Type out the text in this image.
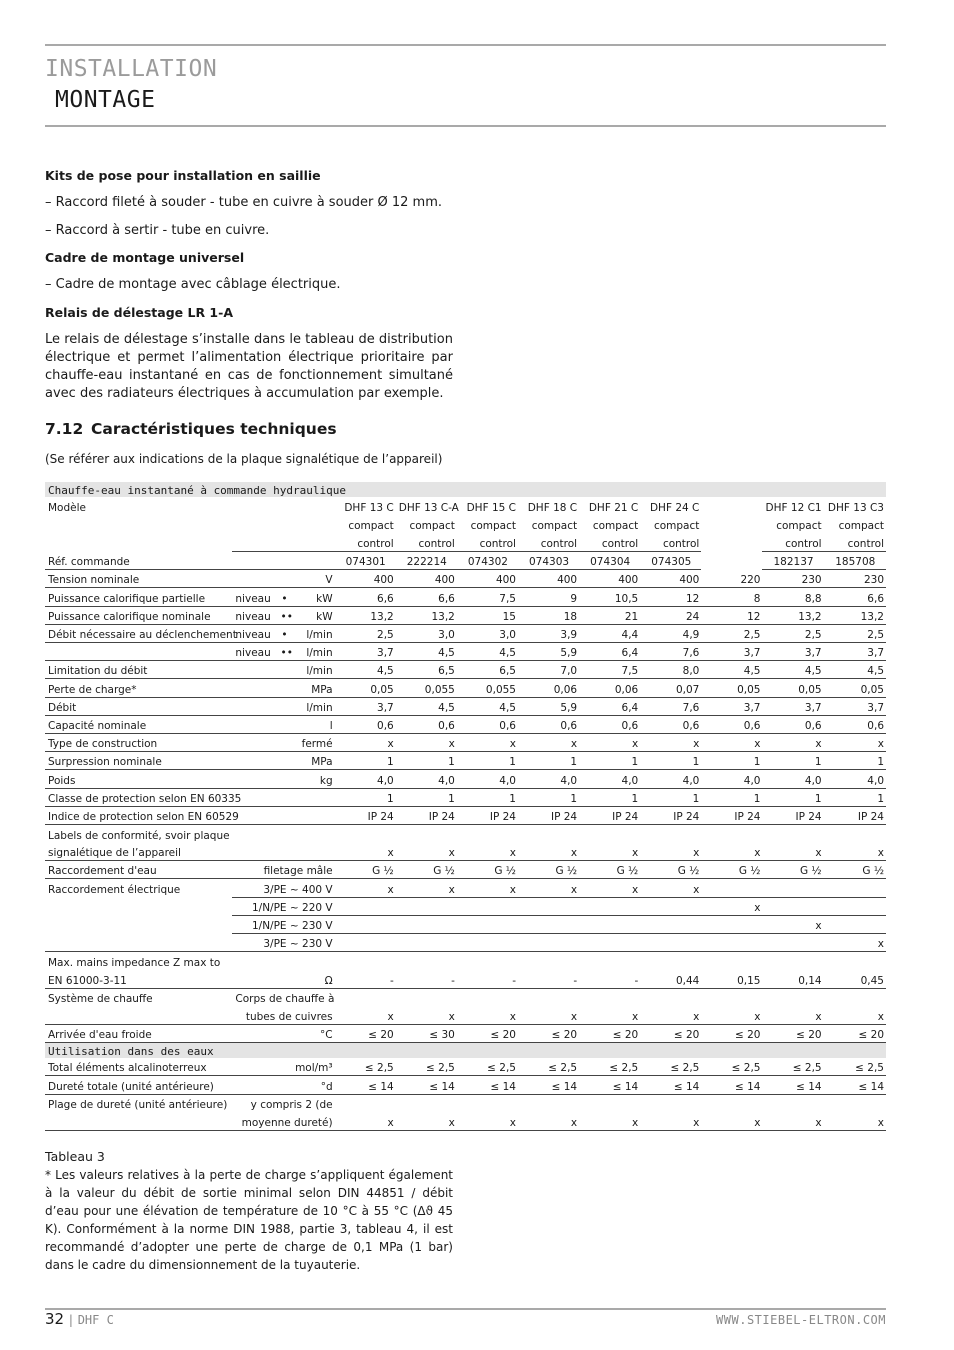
INSTALLATION
MONTAGE
Kits de pose pour installation en saillie
– Raccord fileté à souder - tube en cuivre à souder Ø 12 mm.
– Raccord à sertir - tube en cuivre.
Cadre de montage universel
– Cadre de montage avec câblage électrique.
Relais de délestage LR 1-A
Le relais de délestage s’installe dans le tableau de distribution électrique et permet l’alimentation électrique prioritaire par chauffe-eau instantané en cas de fonctionnement simultané avec des radiateurs électriques à accumulation par exemple.
7.12 Caractéristiques techniques
(Se référer aux indications de la plaque signalétique de l’appareil)
Chauffe-eau instantané à commande hydraulique												
Modèle				DHF 13 C	DHF 13 C-A	DHF 15 C	DHF 18 C	DHF 21 C	DHF 24 C		DHF 12 C1	DHF 13 C3
				compact	compact	compact	compact	compact	compact		compact	compact
				control	control	control	control	control	control		control	control
Réf. commande				074301	222214	074302	074303	074304	074305		182137	185708
Tension nominale			V	400	400	400	400	400	400	220	230	230
Puissance calorifique partielle	niveau	•	kW	6,6	6,6	7,5	9	10,5	12	8	8,8	6,6
Puissance calorifique nominale	niveau	••	kW	13,2	13,2	15	18	21	24	12	13,2	13,2
Débit nécessaire au déclenchement	niveau	•	l/min	2,5	3,0	3,0	3,9	4,4	4,9	2,5	2,5	2,5
	niveau	••	l/min	3,7	4,5	4,5	5,9	6,4	7,6	3,7	3,7	3,7
Limitation du débit			l/min	4,5	6,5	6,5	7,0	7,5	8,0	4,5	4,5	4,5
Perte de charge*			MPa	0,05	0,055	0,055	0,06	0,06	0,07	0,05	0,05	0,05
Débit			l/min	3,7	4,5	4,5	5,9	6,4	7,6	3,7	3,7	3,7
Capacité nominale			l	0,6	0,6	0,6	0,6	0,6	0,6	0,6	0,6	0,6
Type de construction			fermé	x	x	x	x	x	x	x	x	x
Surpression nominale			MPa	1	1	1	1	1	1	1	1	1
Poids			kg	4,0	4,0	4,0	4,0	4,0	4,0	4,0	4,0	4,0
Classe de protection selon EN 60335				1	1	1	1	1	1	1	1	1
Indice de protection selon EN 60529				IP 24	IP 24	IP 24	IP 24	IP 24	IP 24	IP 24	IP 24	IP 24
Labels de conformité, svoir plaque												
signalétique de l’appareil				x	x	x	x	x	x	x	x	x
Raccordement d'eau	filetage mâle			G ½	G ½	G ½	G ½	G ½	G ½	G ½	G ½	G ½
Raccordement électrique	3/PE ~ 400 V			x	x	x	x	x	x			
	1/N/PE ~ 220 V									x		
	1/N/PE ~ 230 V										x	
	3/PE ~ 230 V											x
Max. mains impedance Z max to												
EN 61000-3-11			Ω	-	-	-	-	-	0,44	0,15	0,14	0,45
Système de chauffe	Corps de chauffe à											
	tubes de cuivres			x	x	x	x	x	x	x	x	x
Arrivée d'eau froide			°C	≤ 20	≤ 30	≤ 20	≤ 20	≤ 20	≤ 20	≤ 20	≤ 20	≤ 20
Utilisation dans des eaux												
Total éléments alcalinoterreux			mol/m³	≤ 2,5	≤ 2,5	≤ 2,5	≤ 2,5	≤ 2,5	≤ 2,5	≤ 2,5	≤ 2,5	≤ 2,5
Dureté totale (unité antérieure)			°d	≤ 14	≤ 14	≤ 14	≤ 14	≤ 14	≤ 14	≤ 14	≤ 14	≤ 14
Plage de dureté (unité antérieure)	y compris 2 (de											
	moyenne dureté)			x	x	x	x	x	x	x	x	x
Tableau 3
* Les valeurs relatives à la perte de charge s’appliquent également à la valeur du débit de sortie minimal selon DIN 44851 / débit d’eau pour une élévation de température de 10 °C à 55 °C (Δϑ 45 K). Conformément à la norme DIN 1988, partie 3, tableau 4, il est recommandé d’adopter une perte de charge de 0,1 MPa (1 bar) dans le cadre du dimensionnement de la tuyauterie.
32 | DHF C	WWW.STIEBEL-ELTRON.COM
